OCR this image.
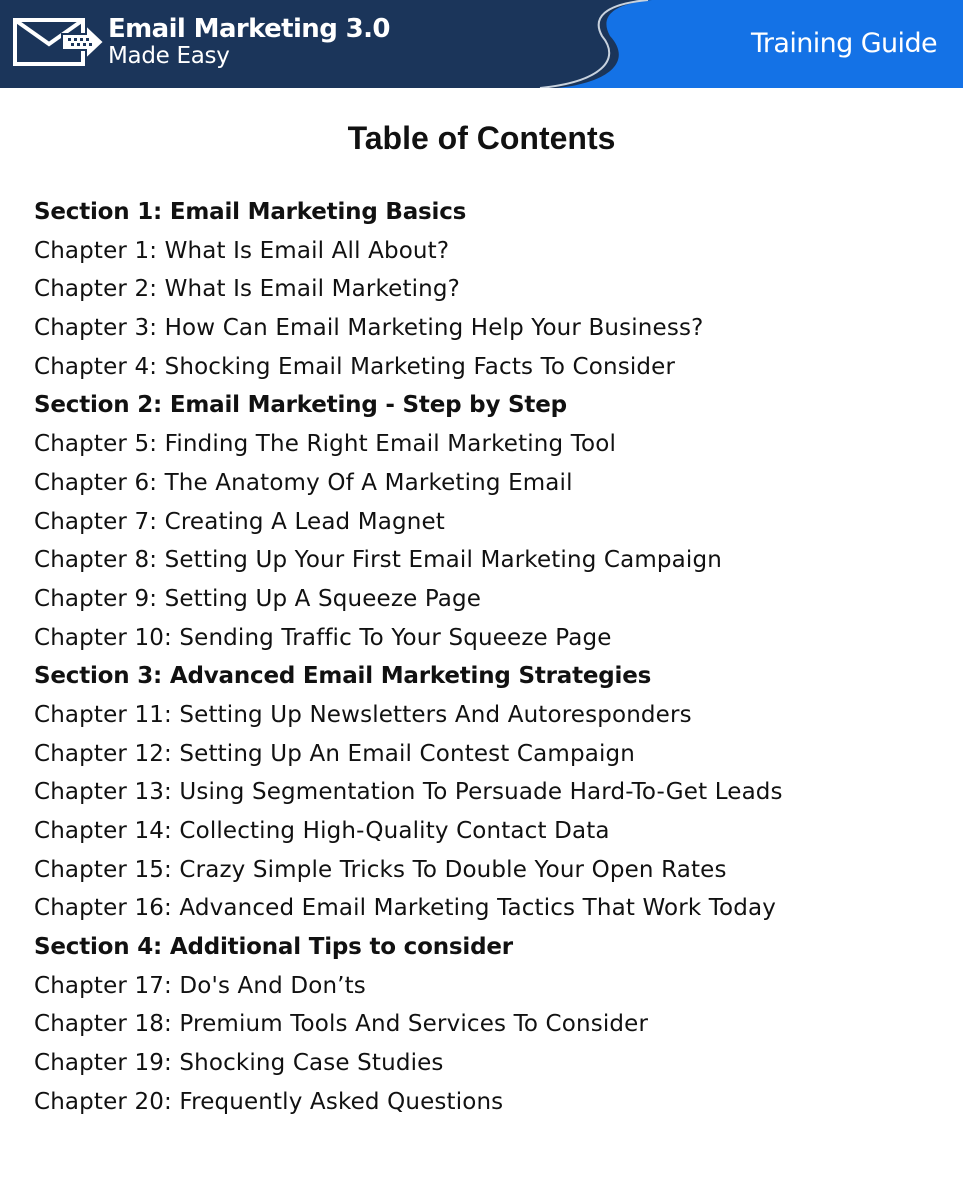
Email Marketing 3.0
Made Easy	Training Guide
Table of Contents
Section 1: Email Marketing Basics
Chapter 1: What Is Email All About?
Chapter 2: What Is Email Marketing?
Chapter 3: How Can Email Marketing Help Your Business?
Chapter 4: Shocking Email Marketing Facts To Consider
Section 2: Email Marketing - Step by Step
Chapter 5: Finding The Right Email Marketing Tool
Chapter 6: The Anatomy Of A Marketing Email
Chapter 7: Creating A Lead Magnet
Chapter 8: Setting Up Your First Email Marketing Campaign
Chapter 9: Setting Up A Squeeze Page
Chapter 10: Sending Traffic To Your Squeeze Page
Section 3: Advanced Email Marketing Strategies
Chapter 11: Setting Up Newsletters And Autoresponders
Chapter 12: Setting Up An Email Contest Campaign
Chapter 13: Using Segmentation To Persuade Hard-To-Get Leads
Chapter 14: Collecting High-Quality Contact Data
Chapter 15: Crazy Simple Tricks To Double Your Open Rates
Chapter 16: Advanced Email Marketing Tactics That Work Today
Section 4: Additional Tips to consider
Chapter 17: Do's And Don’ts
Chapter 18: Premium Tools And Services To Consider
Chapter 19: Shocking Case Studies
Chapter 20: Frequently Asked Questions
